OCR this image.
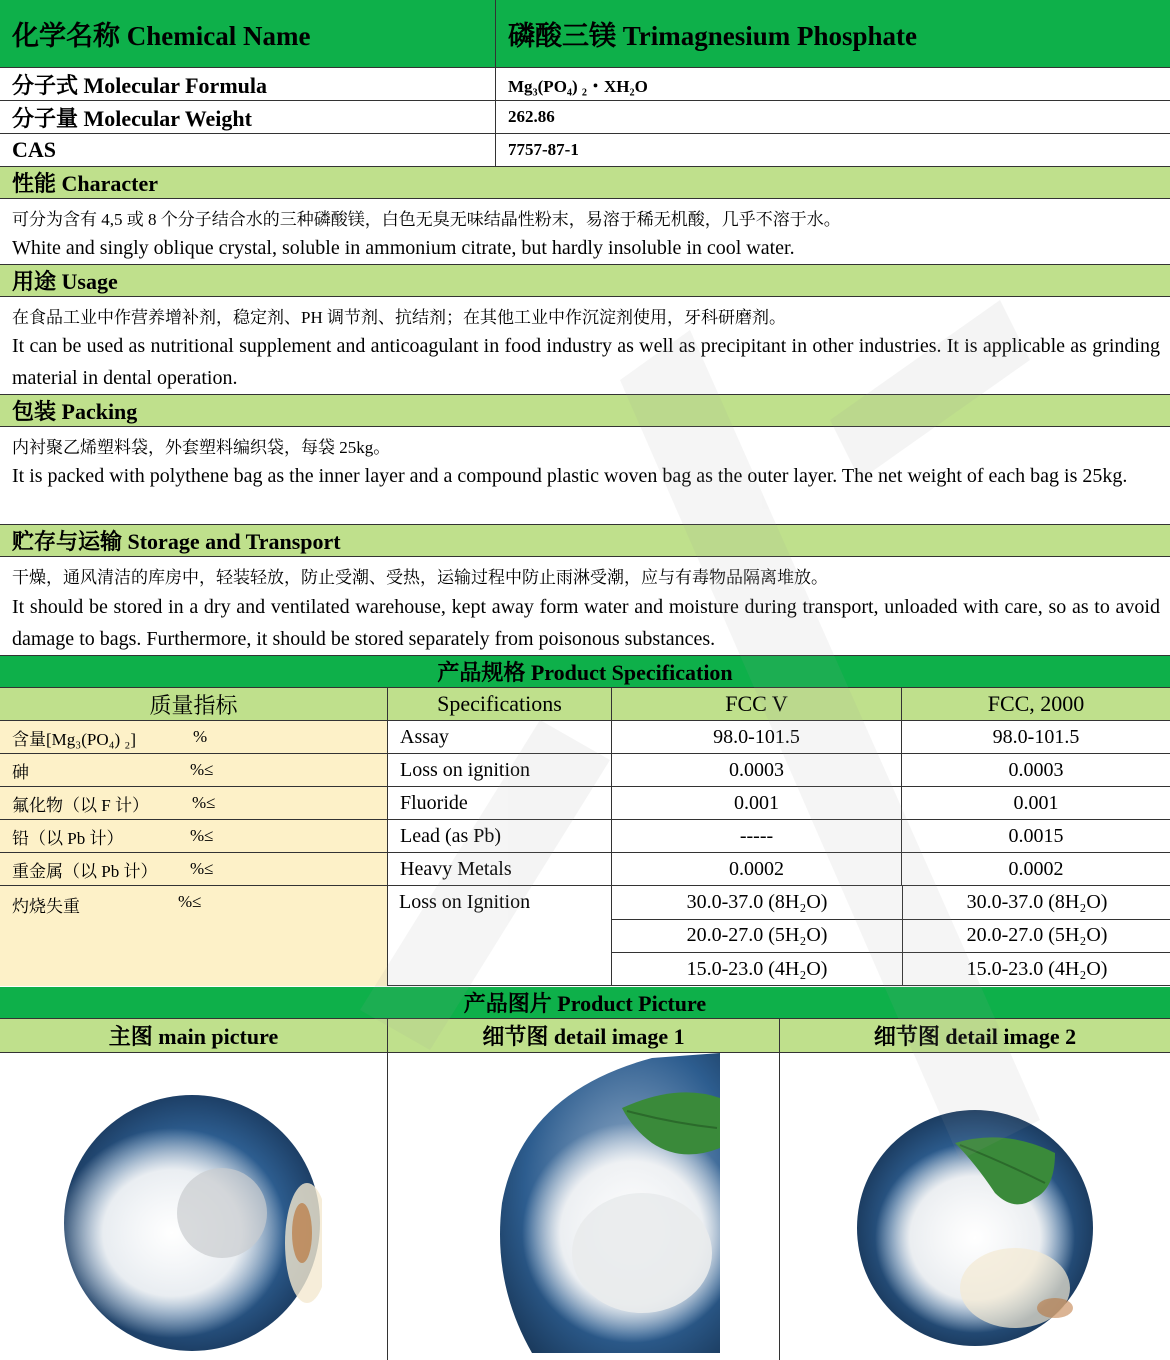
化学名称 Chemical Name	磷酸三镁 Trimagnesium Phosphate
分子式 Molecular Formula	Mg₃(PO₄) ₂・XH₂O
分子量 Molecular Weight	262.86
CAS	7757-87-1
性能 Character
可分为含有 4,5 或 8 个分子结合水的三种磷酸镁，白色无臭无味结晶性粉末，易溶于稀无机酸，几乎不溶于水。
White and singly oblique crystal, soluble in ammonium citrate, but hardly insoluble in cool water.
用途 Usage
在食品工业中作营养增补剂，稳定剂、PH 调节剂、抗结剂；在其他工业中作沉淀剂使用，牙科研磨剂。
It can be used as nutritional supplement and anticoagulant in food industry as well as precipitant in other industries. It is applicable as grinding material in dental operation.
包装 Packing
内衬聚乙烯塑料袋，外套塑料编织袋，每袋 25kg。
It is packed with polythene bag as the inner layer and a compound plastic woven bag as the outer layer. The net weight of each bag is 25kg.
贮存与运输 Storage and Transport
干燥，通风清洁的库房中，轻装轻放，防止受潮、受热，运输过程中防止雨淋受潮，应与有毒物品隔离堆放。
It should be stored in a dry and ventilated warehouse, kept away form water and moisture during transport, unloaded with care, so as to avoid damage to bags. Furthermore, it should be stored separately from poisonous substances.
产品规格 Product Specification
质量指标	Specifications	FCC V	FCC, 2000
含量[Mg₃(PO₄) ₂]	%	Assay	98.0-101.5	98.0-101.5
砷	%≤	Loss on ignition	0.0003	0.0003
氟化物（以 F 计）	%≤	Fluoride	0.001	0.001
铅（以 Pb 计）	%≤	Lead (as Pb)	-----	0.0015
重金属（以 Pb 计） %≤	Heavy Metals	0.0002	0.0002
灼烧失重	%≤	Loss on Ignition	30.0-37.0 (8H₂O)	30.0-37.0 (8H₂O)
20.0-27.0 (5H₂O)	20.0-27.0 (5H₂O)
15.0-23.0 (4H₂O)	15.0-23.0 (4H₂O)
产品图片 Product Picture
主图 main picture	细节图 detail image 1	细节图 detail image 2
